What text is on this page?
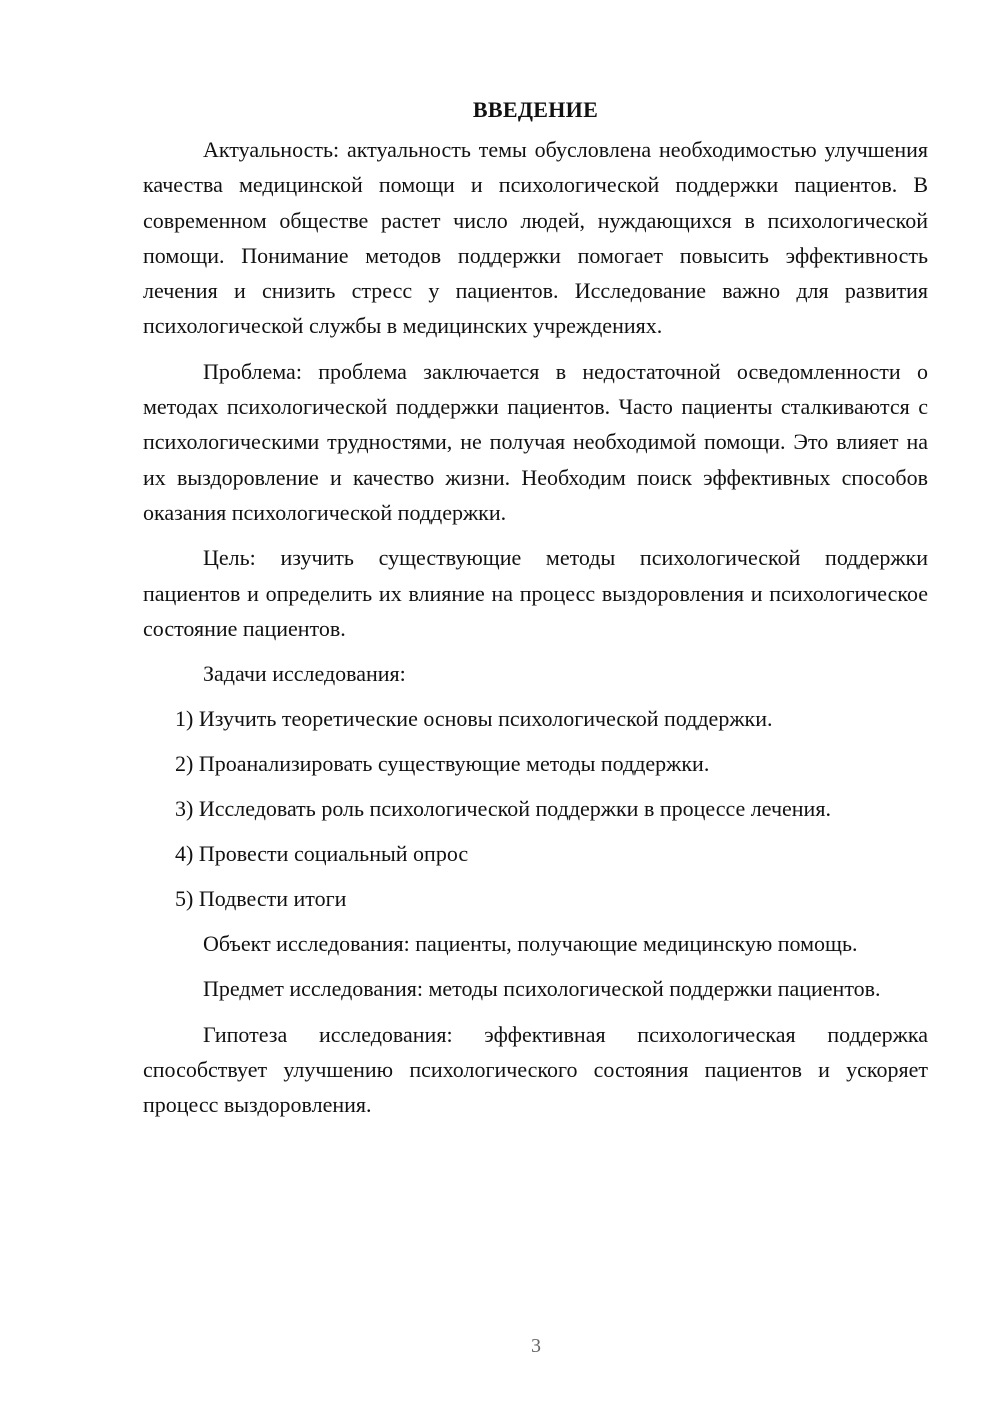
ВВЕДЕНИЕ

Актуальность: актуальность темы обусловлена необходимостью улучшения качества медицинской помощи и психологической поддержки пациентов. В современном обществе растет число людей, нуждающихся в психологической помощи. Понимание методов поддержки помогает повысить эффективность лечения и снизить стресс у пациентов. Исследование важно для развития психологической службы в медицинских учреждениях.

Проблема: проблема заключается в недостаточной осведомленности о методах психологической поддержки пациентов. Часто пациенты сталкиваются с психологическими трудностями, не получая необходимой помощи. Это влияет на их выздоровление и качество жизни. Необходим поиск эффективных способов оказания психологической поддержки.

Цель: изучить существующие методы психологической поддержки пациентов и определить их влияние на процесс выздоровления и психологическое состояние пациентов.

Задачи исследования:

1) Изучить теоретические основы психологической поддержки.

2) Проанализировать существующие методы поддержки.

3) Исследовать роль психологической поддержки в процессе лечения.

4) Провести социальный опрос

5) Подвести итоги

Объект исследования: пациенты, получающие медицинскую помощь.

Предмет исследования: методы психологической поддержки пациентов.

Гипотеза исследования: эффективная психологическая поддержка способствует улучшению психологического состояния пациентов и ускоряет процесс выздоровления.

3
